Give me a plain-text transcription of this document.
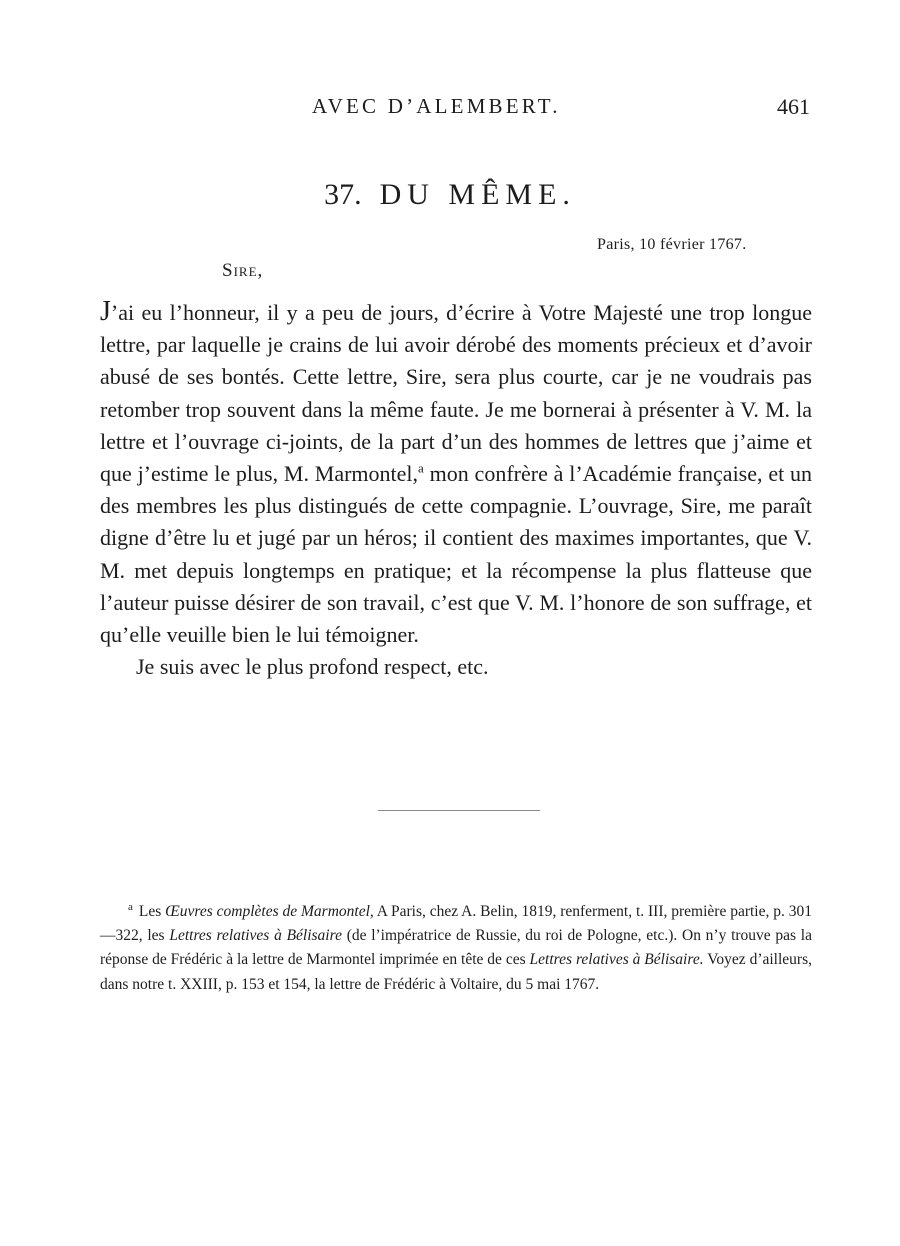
AVEC D’ALEMBERT.	461
37. DU MÊME.
Paris, 10 février 1767.
Sire,

J’ai eu l’honneur, il y a peu de jours, d’écrire à Votre Majesté une trop longue lettre, par laquelle je crains de lui avoir dérobé des moments précieux et d’avoir abusé de ses bontés. Cette lettre, Sire, sera plus courte, car je ne voudrais pas retomber trop souvent dans la même faute. Je me bornerai à présenter à V. M. la lettre et l’ouvrage ci-joints, de la part d’un des hommes de lettres que j’aime et que j’estime le plus, M. Marmontel,$^a$ mon confrère à l’Académie française, et un des membres les plus distingués de cette compagnie. L’ouvrage, Sire, me paraît digne d’être lu et jugé par un héros; il contient des maximes importantes, que V. M. met depuis longtemps en pratique; et la récompense la plus flatteuse que l’auteur puisse désirer de son travail, c’est que V. M. l’honore de son suffrage, et qu’elle veuille bien le lui témoigner.

Je suis avec le plus profond respect, etc.

$^a$ Les Œuvres complètes de Marmontel, A Paris, chez A. Belin, 1819, renferment, t. III, première partie, p. 301—322, les Lettres relatives à Bélisaire (de l’impératrice de Russie, du roi de Pologne, etc.). On n’y trouve pas la réponse de Frédéric à la lettre de Marmontel imprimée en tête de ces Lettres relatives à Bélisaire. Voyez d’ailleurs, dans notre t. XXIII, p. 153 et 154, la lettre de Frédéric à Voltaire, du 5 mai 1767.
